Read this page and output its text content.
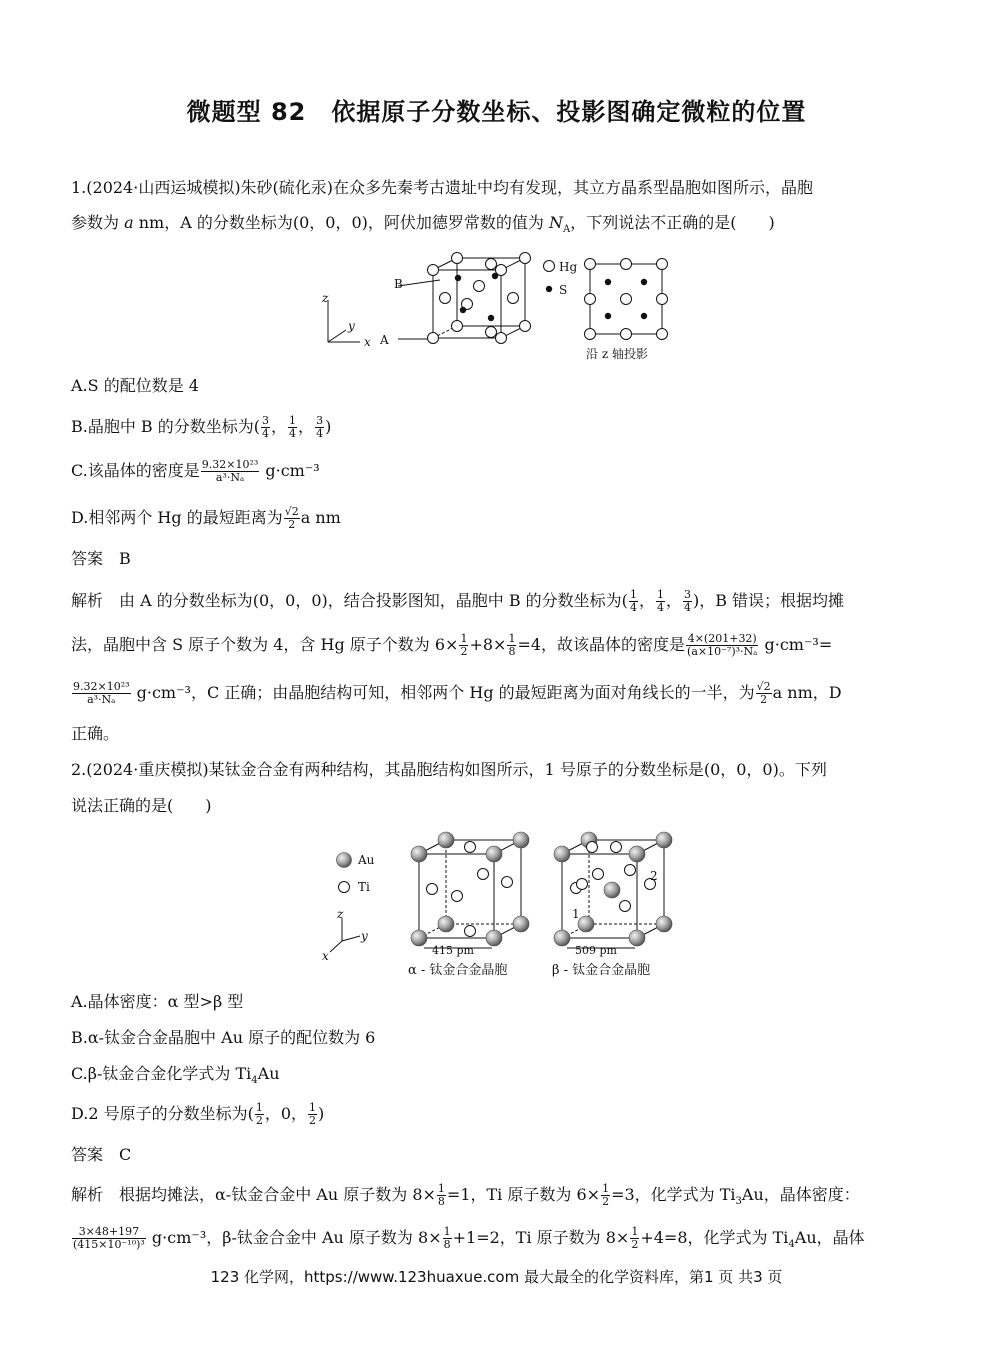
微题型 82　依据原子分数坐标、投影图确定微粒的位置
1.(2024·山西运城模拟)朱砂(硫化汞)在众多先秦考古遗址中均有发现，其立方晶系型晶胞如图所示，晶胞
参数为 a nm，A 的分数坐标为(0，0，0)，阿伏加德罗常数的值为 $N_A$，下列说法不正确的是(　　)
z
y
x
B
A
Hg
S
沿 z 轴投影
A.S 的配位数是 4
B.晶胞中 B 的分数坐标为( $\frac{3}{4}$ ， $\frac{1}{4}$ ， $\frac{3}{4}$ )
C.该晶体的密度是 $\frac{\text{9.32×10²³}}{\text{a³·Nₐ}} g\cdot cm^{-3}$
D.相邻两个 Hg 的最短距离为 $\frac{√2}{2}$ a nm
答案　B
解析　由 A 的分数坐标为(0，0，0)，结合投影图知，晶胞中 B 的分数坐标为( $\frac{1}{4}$ ， $\frac{1}{4}$ ， $\frac{3}{4}$ )，B 错误；根据均摊
法，晶胞中含 S 原子个数为 4，含 Hg 原子个数为 $6\times \frac{1}{2} +8\times \frac{1}{8} =4$，故该晶体的密度是 $\frac{4\times(201+32)}{\text{(a×10⁻⁷)³·Nₐ}} g\cdot cm^{-3}=$
$\frac{\text{9.32×10²³}}{\text{a³·Nₐ}} g\cdot cm^{-3}$，C 正确；由晶胞结构可知，相邻两个 Hg 的最短距离为面对角线长的一半，为 $\frac{√2}{2}$ a nm，D
正确。
2.(2024·重庆模拟)某钛金合金有两种结构，其晶胞结构如图所示，1 号原子的分数坐标是(0，0，0)。下列
说法正确的是(　　)
Au
Ti
z
y
x	415 pm	509 pm
1
2
α - 钛金合金晶胞	β - 钛金合金晶胞
A.晶体密度：α 型>β 型
B.α-钛金合金晶胞中 Au 原子的配位数为 6
C.β-钛金合金化学式为 $Ti_4Au$
D.2 号原子的分数坐标为( $\frac{1}{2}$ ，0， $\frac{1}{2}$ )
答案　C
解析　根据均摊法，α-钛金合金中 Au 原子数为 $8\times \frac{1}{8} =1$，Ti 原子数为 $6\times \frac{1}{2} =3$，化学式为 $Ti_3Au$，晶体密度：
$\frac{3\times 48+197}{\text{(415×10⁻¹⁰)³}} g\cdot cm^{-3}$，β-钛金合金中 Au 原子数为 $8\times \frac{1}{8} +1=2$，Ti 原子数为 $8\times \frac{1}{2} +4=8$，化学式为 $Ti_4Au$，晶体
123 化学网，https://www.123huaxue.com 最大最全的化学资料库，第1 页 共3 页
